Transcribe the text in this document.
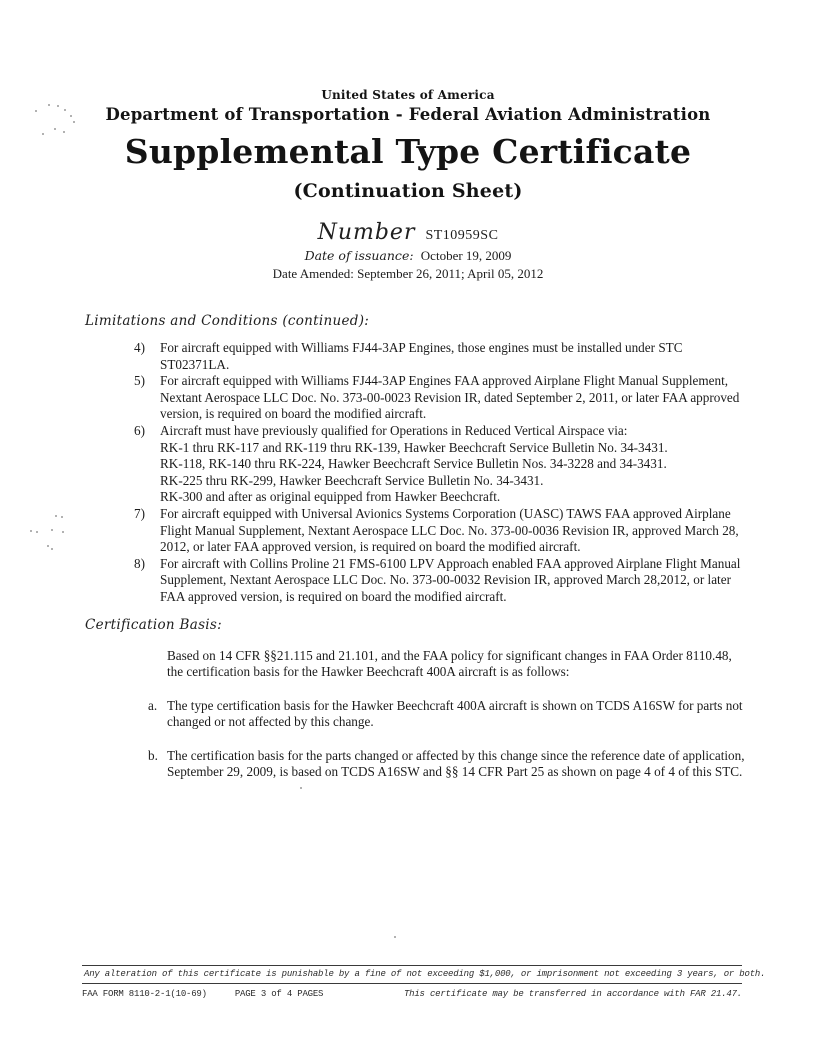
United States of America
Department of Transportation - Federal Aviation Administration
Supplemental Type Certificate
(Continuation Sheet)
Number ST10959SC
Date of issuance: October 19, 2009
Date Amended: September 26, 2011; April 05, 2012
Limitations and Conditions (continued):
4)	For aircraft equipped with Williams FJ44-3AP Engines, those engines must be installed under STC ST02371LA.
5)	For aircraft equipped with Williams FJ44-3AP Engines FAA approved Airplane Flight Manual Supplement, Nextant Aerospace LLC Doc. No. 373-00-0023 Revision IR, dated September 2, 2011, or later FAA approved version, is required on board the modified aircraft.
6)	Aircraft must have previously qualified for Operations in Reduced Vertical Airspace via:
RK-1 thru RK-117 and RK-119 thru RK-139, Hawker Beechcraft Service Bulletin No. 34-3431.
RK-118, RK-140 thru RK-224, Hawker Beechcraft Service Bulletin Nos. 34-3228 and 34-3431.
RK-225 thru RK-299, Hawker Beechcraft Service Bulletin No. 34-3431.
RK-300 and after as original equipped from Hawker Beechcraft.
7)	For aircraft equipped with Universal Avionics Systems Corporation (UASC) TAWS FAA approved Airplane Flight Manual Supplement, Nextant Aerospace LLC Doc. No. 373-00-0036 Revision IR, approved March 28, 2012, or later FAA approved version, is required on board the modified aircraft.
8)	For aircraft with Collins Proline 21 FMS-6100 LPV Approach enabled FAA approved Airplane Flight Manual Supplement, Nextant Aerospace LLC Doc. No. 373-00-0032 Revision IR, approved March 28,2012, or later FAA approved version, is required on board the modified aircraft.
Certification Basis:
Based on 14 CFR §§21.115 and 21.101, and the FAA policy for significant changes in FAA Order 8110.48, the certification basis for the Hawker Beechcraft 400A aircraft is as follows:
a. The type certification basis for the Hawker Beechcraft 400A aircraft is shown on TCDS A16SW for parts not changed or not affected by this change.
b. The certification basis for the parts changed or affected by this change since the reference date of application, September 29, 2009, is based on TCDS A16SW and §§ 14 CFR Part 25 as shown on page 4 of 4 of this STC.
Any alteration of this certificate is punishable by a fine of not exceeding $1,000, or imprisonment not exceeding 3 years, or both.
FAA FORM 8110-2-1(10-69)	PAGE 3 of 4 PAGES	This certificate may be transferred in accordance with FAR 21.47.
